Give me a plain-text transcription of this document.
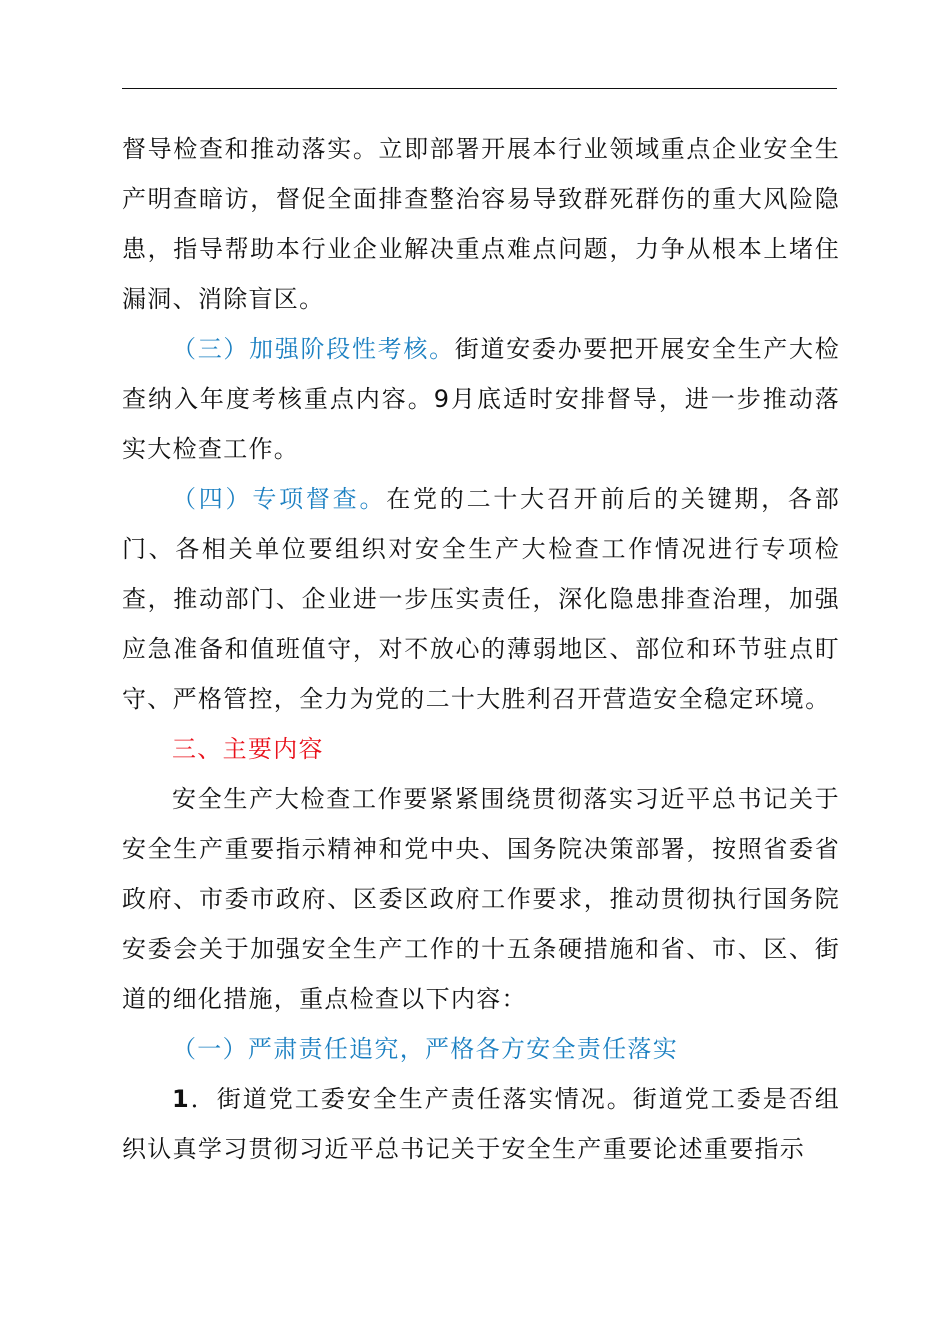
督导检查和推动落实。立即部署开展本行业领域重点企业安全生产明查暗访，督促全面排查整治容易导致群死群伤的重大风险隐患，指导帮助本行业企业解决重点难点问题，力争从根本上堵住漏洞、消除盲区。

（三）加强阶段性考核。街道安委办要把开展安全生产大检查纳入年度考核重点内容。9月底适时安排督导，进一步推动落实大检查工作。

（四）专项督查。在党的二十大召开前后的关键期，各部门、各相关单位要组织对安全生产大检查工作情况进行专项检查，推动部门、企业进一步压实责任，深化隐患排查治理，加强应急准备和值班值守，对不放心的薄弱地区、部位和环节驻点盯守、严格管控，全力为党的二十大胜利召开营造安全稳定环境。

三、主要内容

安全生产大检查工作要紧紧围绕贯彻落实习近平总书记关于安全生产重要指示精神和党中央、国务院决策部署，按照省委省政府、市委市政府、区委区政府工作要求，推动贯彻执行国务院安委会关于加强安全生产工作的十五条硬措施和省、市、区、街道的细化措施，重点检查以下内容：

（一）严肃责任追究，严格各方安全责任落实

1．街道党工委安全生产责任落实情况。街道党工委是否组织认真学习贯彻习近平总书记关于安全生产重要论述重要指示
